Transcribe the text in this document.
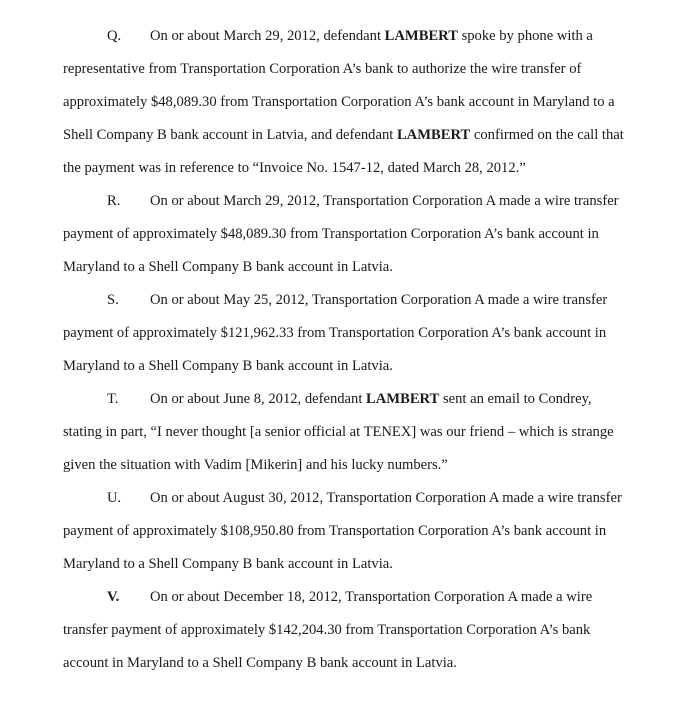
Q. On or about March 29, 2012, defendant LAMBERT spoke by phone with a
representative from Transportation Corporation A’s bank to authorize the wire transfer of
approximately $48,089.30 from Transportation Corporation A’s bank account in Maryland to a
Shell Company B bank account in Latvia, and defendant LAMBERT confirmed on the call that
the payment was in reference to “Invoice No. 1547-12, dated March 28, 2012.”
R. On or about March 29, 2012, Transportation Corporation A made a wire transfer
payment of approximately $48,089.30 from Transportation Corporation A’s bank account in
Maryland to a Shell Company B bank account in Latvia.
S. On or about May 25, 2012, Transportation Corporation A made a wire transfer
payment of approximately $121,962.33 from Transportation Corporation A’s bank account in
Maryland to a Shell Company B bank account in Latvia.
T. On or about June 8, 2012, defendant LAMBERT sent an email to Condrey,
stating in part, “I never thought [a senior official at TENEX] was our friend – which is strange
given the situation with Vadim [Mikerin] and his lucky numbers.”
U. On or about August 30, 2012, Transportation Corporation A made a wire transfer
payment of approximately $108,950.80 from Transportation Corporation A’s bank account in
Maryland to a Shell Company B bank account in Latvia.
V. On or about December 18, 2012, Transportation Corporation A made a wire
transfer payment of approximately $142,204.30 from Transportation Corporation A’s bank
account in Maryland to a Shell Company B bank account in Latvia.
